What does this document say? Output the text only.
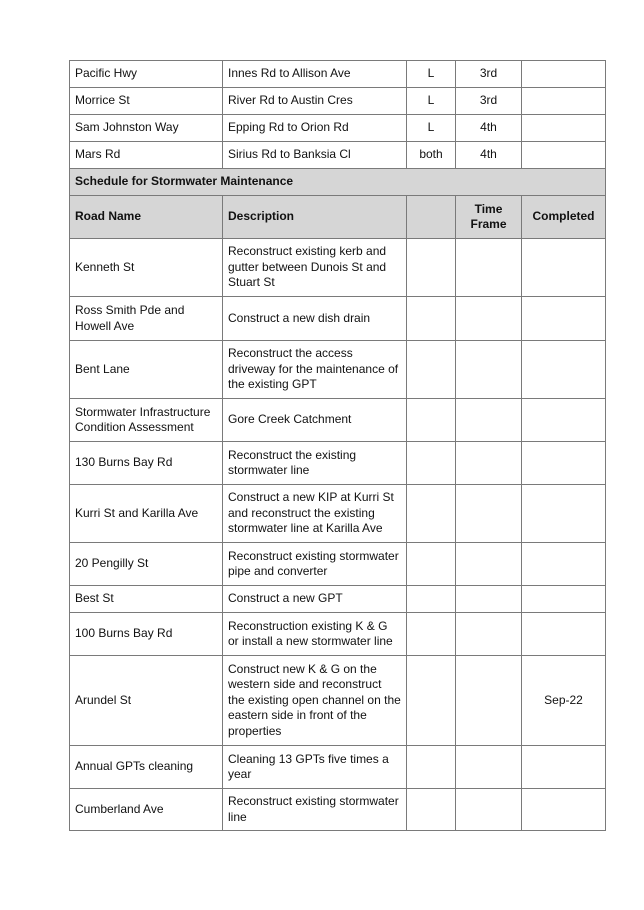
Pacific Hwy	Innes Rd to Allison Ave	L	3rd	
Morrice St	River Rd to Austin Cres	L	3rd	
Sam Johnston Way	Epping Rd to Orion Rd	L	4th	
Mars Rd	Sirius Rd to Banksia Cl	both	4th	
Schedule for Stormwater Maintenance				
Road Name	Description		Time Frame	Completed
Kenneth St	Reconstruct existing kerb and gutter between Dunois St and Stuart St			
Ross Smith Pde and Howell Ave	Construct a new dish drain			
Bent Lane	Reconstruct the access driveway for the maintenance of the existing GPT			
Stormwater Infrastructure Condition Assessment	Gore Creek Catchment			
130 Burns Bay Rd	Reconstruct the existing stormwater line			
Kurri St and Karilla Ave	Construct a new KIP at Kurri St and reconstruct the existing stormwater line at Karilla Ave			
20 Pengilly St	Reconstruct existing stormwater pipe and converter			
Best St	Construct a new GPT			
100 Burns Bay Rd	Reconstruction existing K & G or install a new stormwater line			
Arundel St	Construct new K & G on the western side and reconstruct the existing open channel on the eastern side in front of the properties			Sep-22
Annual GPTs cleaning	Cleaning 13 GPTs five times a year			
Cumberland Ave	Reconstruct existing stormwater line			
